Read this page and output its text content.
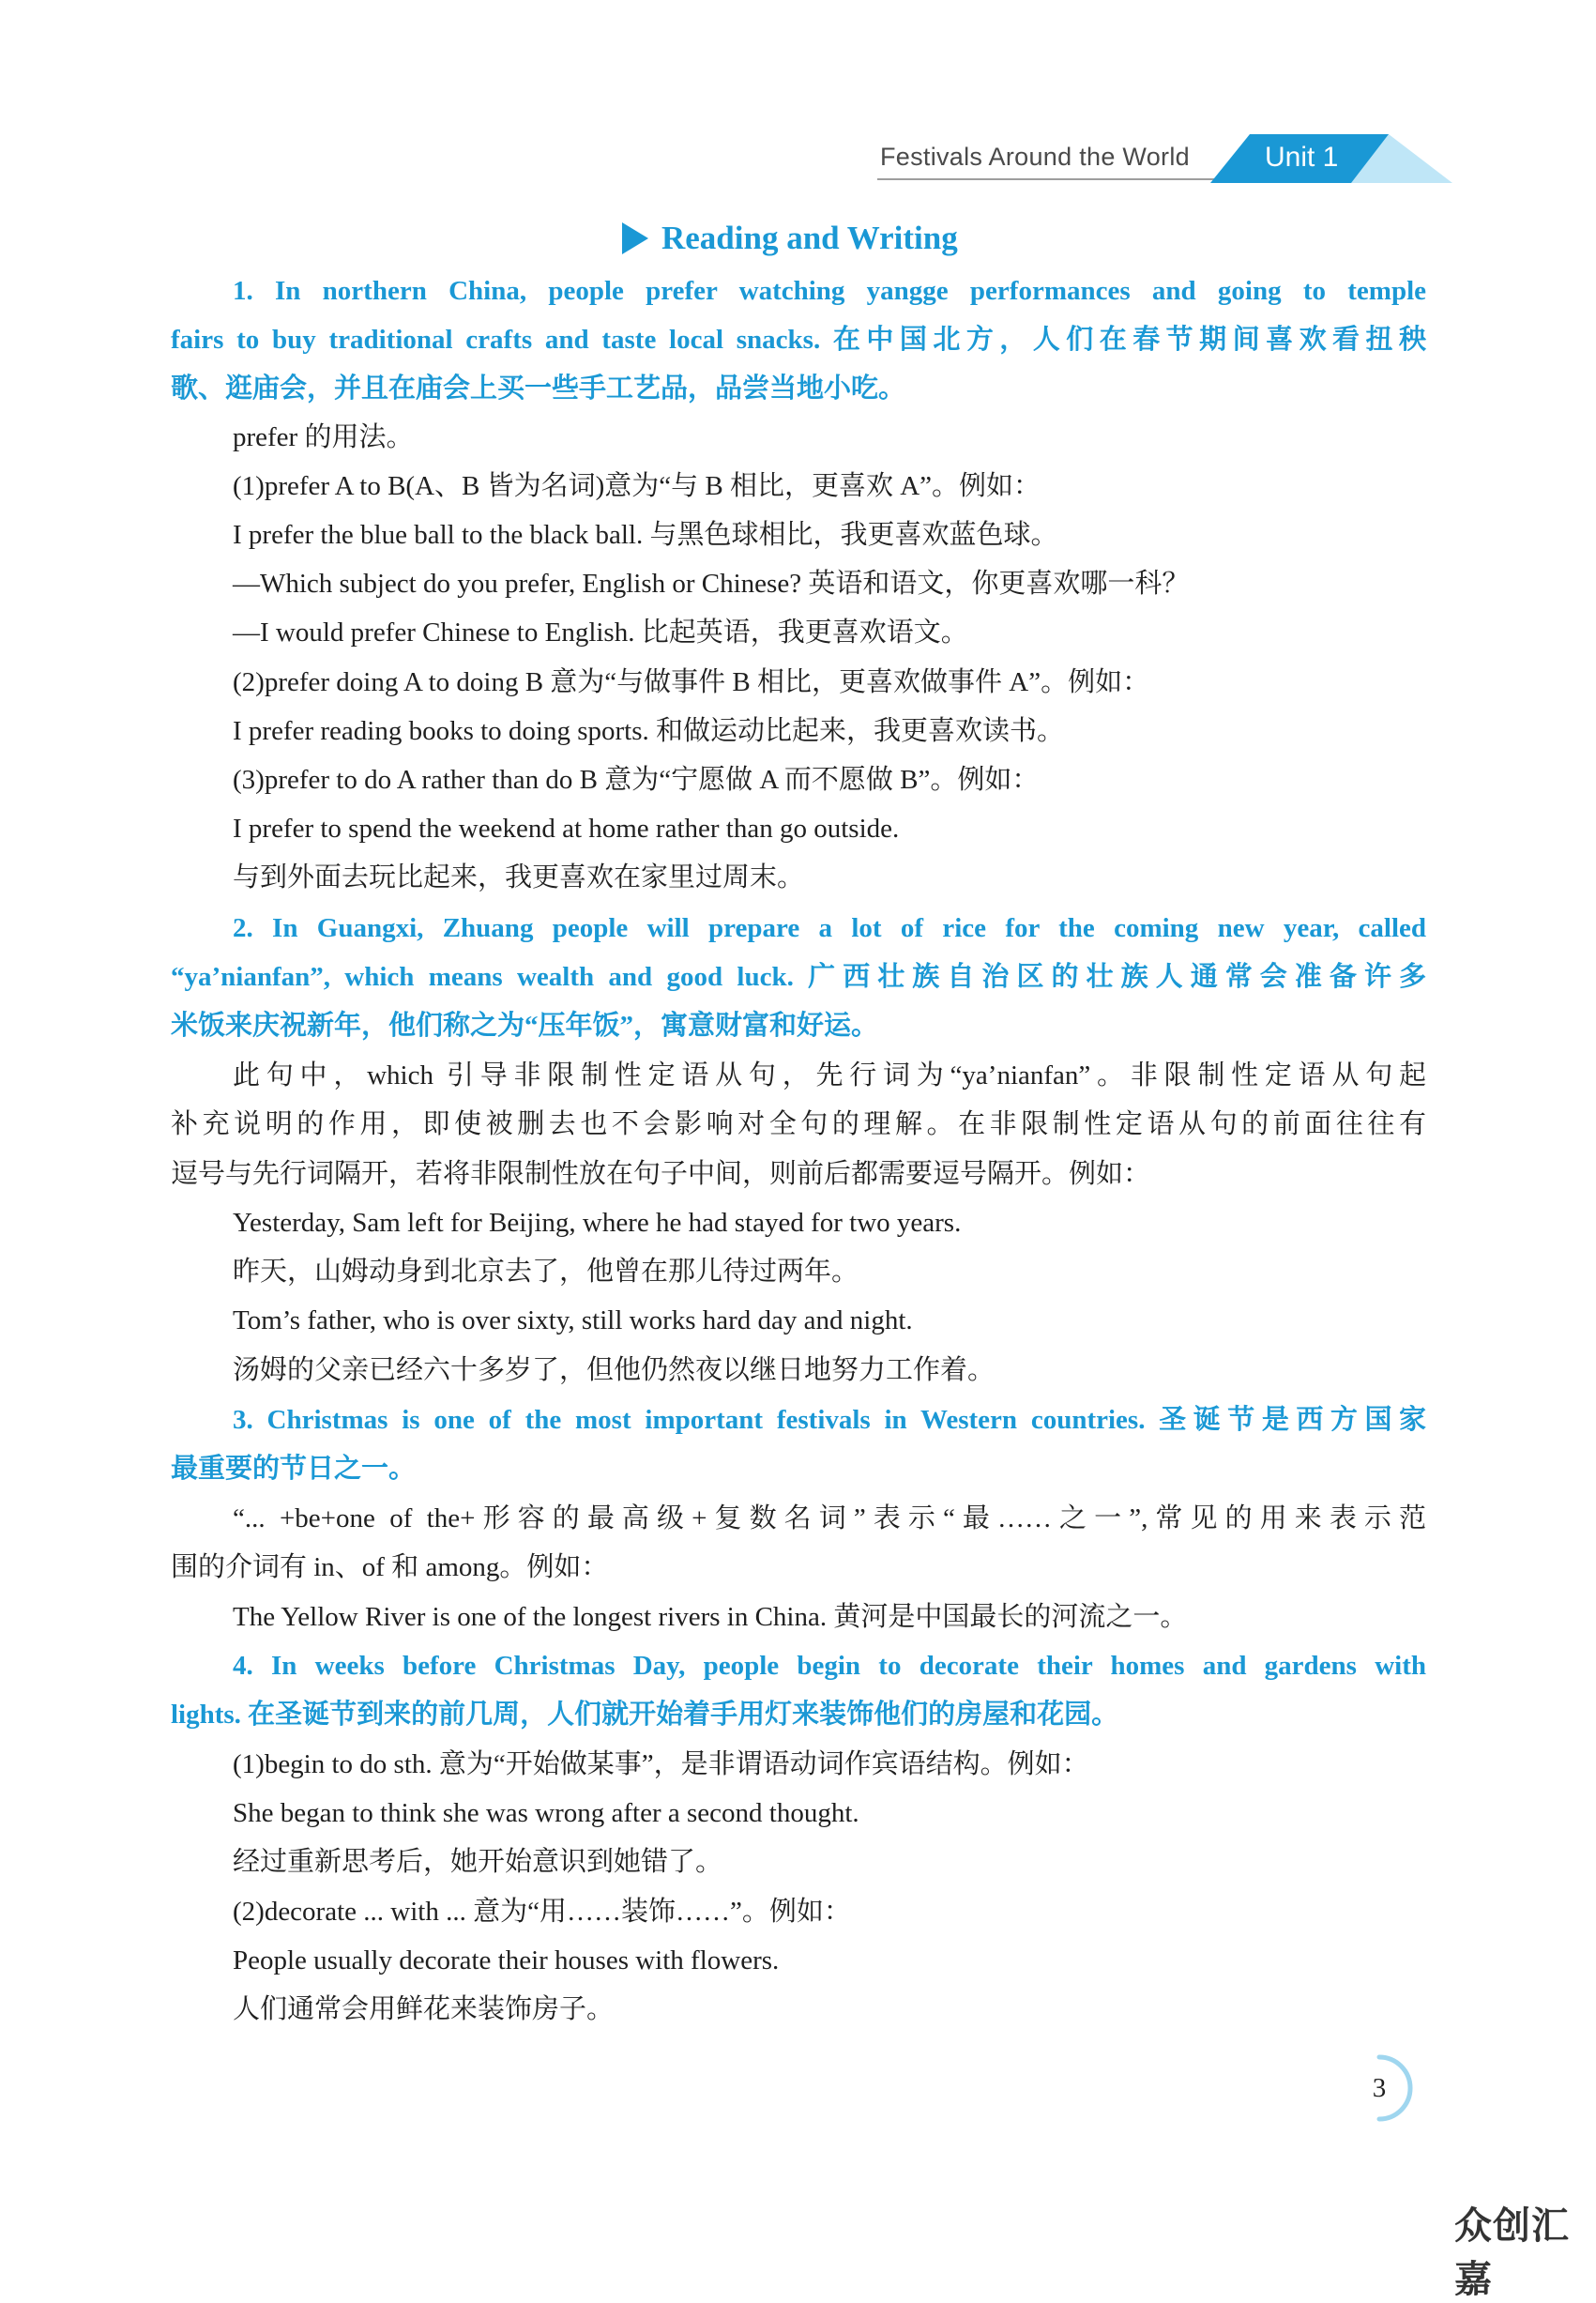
Festivals Around the World	Unit 1
Reading and Writing
1. In northern China, people prefer watching yangge performances and going to temple
fairs to buy traditional crafts and taste local snacks. 在中国北方，人们在春节期间喜欢看扭秧
歌、逛庙会，并且在庙会上买一些手工艺品，品尝当地小吃。
prefer 的用法。
(1)prefer A to B(A、B 皆为名词)意为“与 B 相比，更喜欢 A”。例如：
I prefer the blue ball to the black ball. 与黑色球相比，我更喜欢蓝色球。
—Which subject do you prefer, English or Chinese? 英语和语文，你更喜欢哪一科？
—I would prefer Chinese to English. 比起英语，我更喜欢语文。
(2)prefer doing A to doing B 意为“与做事件 B 相比，更喜欢做事件 A”。例如：
I prefer reading books to doing sports. 和做运动比起来，我更喜欢读书。
(3)prefer to do A rather than do B 意为“宁愿做 A 而不愿做 B”。例如：
I prefer to spend the weekend at home rather than go outside.
与到外面去玩比起来，我更喜欢在家里过周末。
2. In Guangxi, Zhuang people will prepare a lot of rice for the coming new year, called
“ya’nianfan”, which means wealth and good luck. 广西壮族自治区的壮族人通常会准备许多
米饭来庆祝新年，他们称之为“压年饭”，寓意财富和好运。
此句中，which 引导非限制性定语从句，先行词为“ya’nianfan”。非限制性定语从句起
补充说明的作用，即使被删去也不会影响对全句的理解。在非限制性定语从句的前面往往有
逗号与先行词隔开，若将非限制性放在句子中间，则前后都需要逗号隔开。例如：
Yesterday, Sam left for Beijing, where he had stayed for two years.
昨天，山姆动身到北京去了，他曾在那儿待过两年。
Tom’s father, who is over sixty, still works hard day and night.
汤姆的父亲已经六十多岁了，但他仍然夜以继日地努力工作着。
3. Christmas is one of the most important festivals in Western countries. 圣诞节是西方国家
最重要的节日之一。
“... +be+one of the+形容的最高级+复数名词”表示“最……之一”,常见的用来表示范
围的介词有 in、of 和 among。例如：
The Yellow River is one of the longest rivers in China. 黄河是中国最长的河流之一。
4. In weeks before Christmas Day, people begin to decorate their homes and gardens with
lights. 在圣诞节到来的前几周，人们就开始着手用灯来装饰他们的房屋和花园。
(1)begin to do sth. 意为“开始做某事”，是非谓语动词作宾语结构。例如：
She began to think she was wrong after a second thought.
经过重新思考后，她开始意识到她错了。
(2)decorate ... with ... 意为“用……装饰……”。例如：
People usually decorate their houses with flowers.
人们通常会用鲜花来装饰房子。
3
众创汇嘉
